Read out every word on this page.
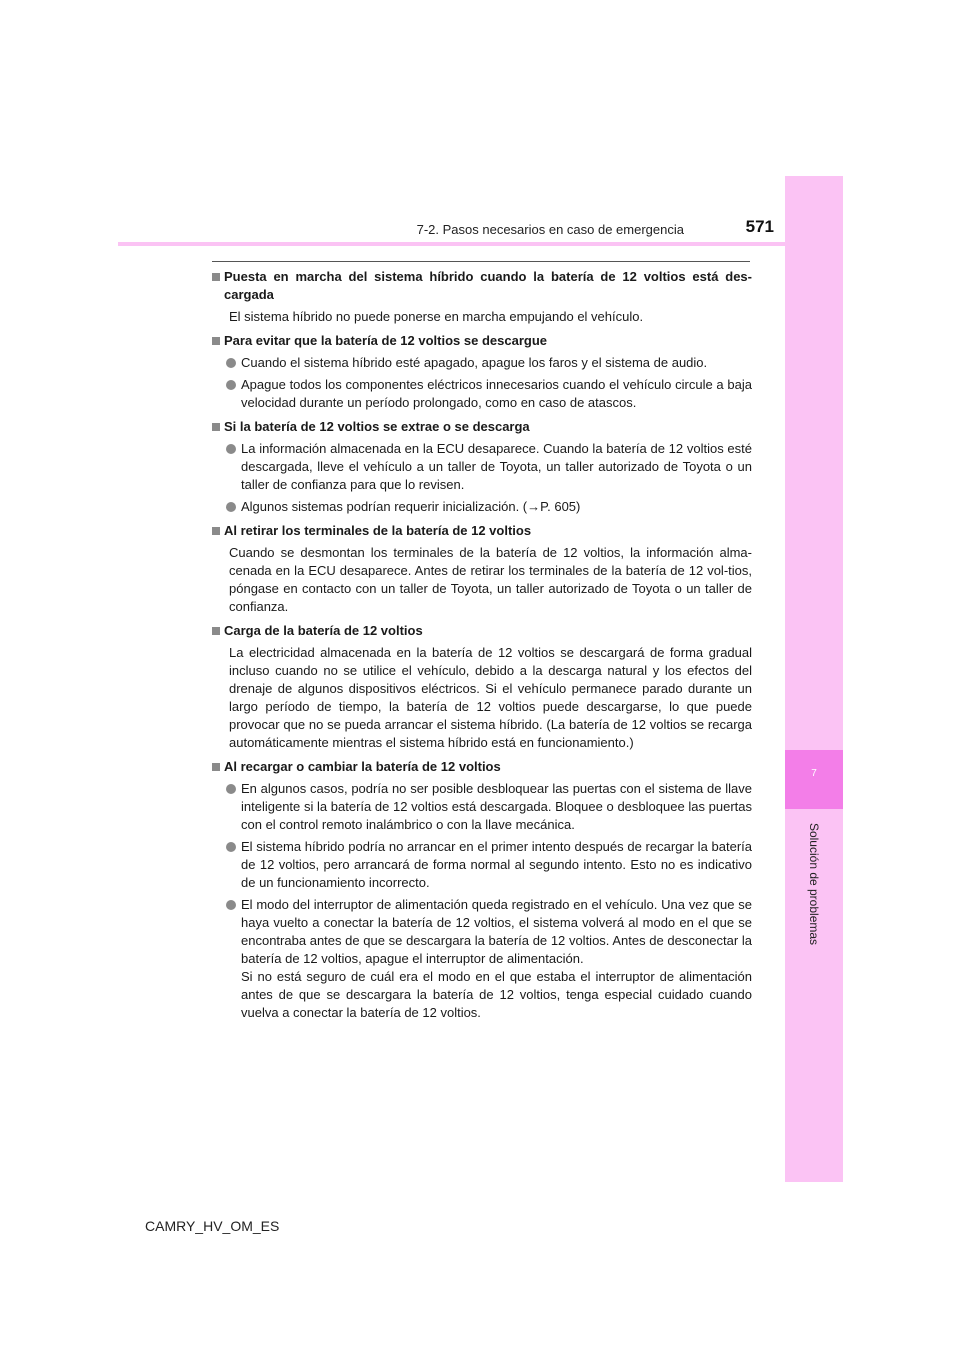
7
Solución de problemas
7-2. Pasos necesarios en caso de emergencia	571
Puesta en marcha del sistema híbrido cuando la batería de 12 voltios está des-cargada
El sistema híbrido no puede ponerse en marcha empujando el vehículo.
Para evitar que la batería de 12 voltios se descargue
Cuando el sistema híbrido esté apagado, apague los faros y el sistema de audio.
Apague todos los componentes eléctricos innecesarios cuando el vehículo circule a baja velocidad durante un período prolongado, como en caso de atascos.
Si la batería de 12 voltios se extrae o se descarga
La información almacenada en la ECU desaparece. Cuando la batería de 12 voltios esté descargada, lleve el vehículo a un taller de Toyota, un taller autorizado de Toyota o un taller de confianza para que lo revisen.
Algunos sistemas podrían requerir inicialización. (→P. 605)
Al retirar los terminales de la batería de 12 voltios
Cuando se desmontan los terminales de la batería de 12 voltios, la información alma-cenada en la ECU desaparece. Antes de retirar los terminales de la batería de 12 vol-tios, póngase en contacto con un taller de Toyota, un taller autorizado de Toyota o un taller de confianza.
Carga de la batería de 12 voltios
La electricidad almacenada en la batería de 12 voltios se descargará de forma gradual incluso cuando no se utilice el vehículo, debido a la descarga natural y los efectos del drenaje de algunos dispositivos eléctricos. Si el vehículo permanece parado durante un largo período de tiempo, la batería de 12 voltios puede descargarse, lo que puede provocar que no se pueda arrancar el sistema híbrido. (La batería de 12 voltios se recarga automáticamente mientras el sistema híbrido está en funcionamiento.)
Al recargar o cambiar la batería de 12 voltios
En algunos casos, podría no ser posible desbloquear las puertas con el sistema de llave inteligente si la batería de 12 voltios está descargada. Bloquee o desbloquee las puertas con el control remoto inalámbrico o con la llave mecánica.
El sistema híbrido podría no arrancar en el primer intento después de recargar la batería de 12 voltios, pero arrancará de forma normal al segundo intento. Esto no es indicativo de un funcionamiento incorrecto.
El modo del interruptor de alimentación queda registrado en el vehículo. Una vez que se haya vuelto a conectar la batería de 12 voltios, el sistema volverá al modo en el que se encontraba antes de que se descargara la batería de 12 voltios. Antes de desconectar la batería de 12 voltios, apague el interruptor de alimentación.
Si no está seguro de cuál era el modo en el que estaba el interruptor de alimentación antes de que se descargara la batería de 12 voltios, tenga especial cuidado cuando vuelva a conectar la batería de 12 voltios.
CAMRY_HV_OM_ES
